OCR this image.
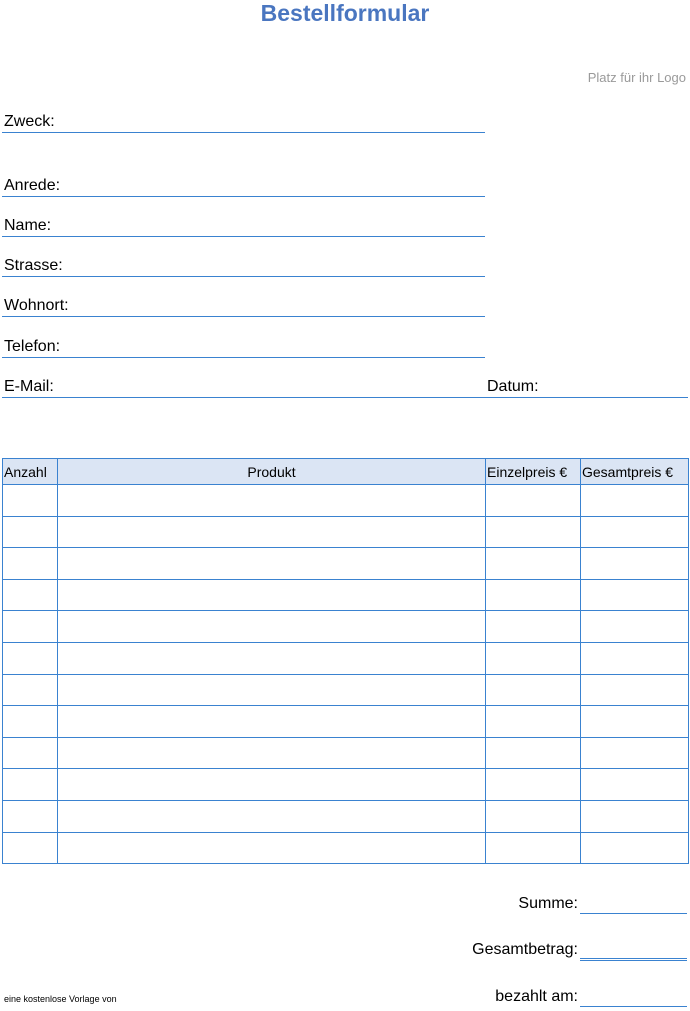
Bestellformular
Platz für ihr Logo
Zweck:
Anrede:
Name:
Strasse:
Wohnort:
Telefon:
E-Mail:	Datum:
Anzahl	Produkt	Einzelpreis €	Gesamtpreis €

Summe:
Gesamtbetrag:
bezahlt am:
eine kostenlose Vorlage von
